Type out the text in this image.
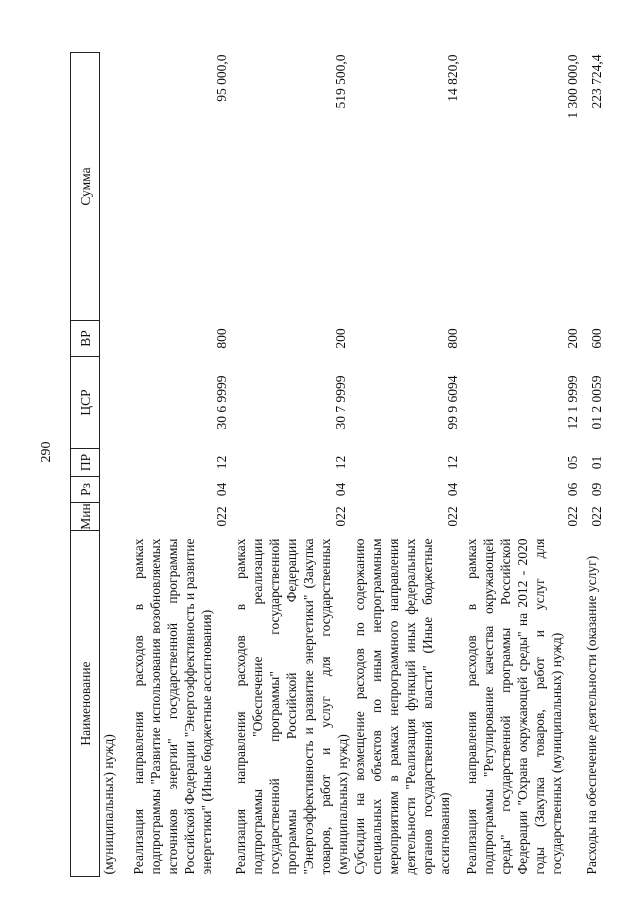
290
Наименование	Мин	Рз	ПР	ЦСР	ВР	Сумма
(муниципальных) нужд)						
Реализация направления расходов в рамках подпрограммы "Развитие использования возобновляемых источников энергии" государственной программы Российской Федерации "Энергоэффективность и развитие энергетики" (Иные бюджетные ассигнования)	022	04	12	30 6 9999	800	95 000,0
Реализация направления расходов в рамках подпрограммы "Обеспечение реализации государственной программы" государственной программы Российской Федерации "Энергоэффективность и развитие энергетики" (Закупка товаров, работ и услуг для государственных (муниципальных) нужд)	022	04	12	30 7 9999	200	519 500,0
Субсидии на возмещение расходов по содержанию специальных объектов по иным непрограммным мероприятиям в рамках непрограммного направления деятельности "Реализация функций иных федеральных органов государственной власти" (Иные бюджетные ассигнования)	022	04	12	99 9 6094	800	14 820,0
Реализация направления расходов в рамках подпрограммы "Регулирование качества окружающей среды" государственной программы Российской Федерации "Охрана окружающей среды" на 2012 - 2020 годы (Закупка товаров, работ и услуг для государственных (муниципальных) нужд)	022	06	05	12 1 9999	200	1 300 000,0
Расходы на обеспечение деятельности (оказание услуг)	022	09	01	01 2 0059	600	223 724,4
